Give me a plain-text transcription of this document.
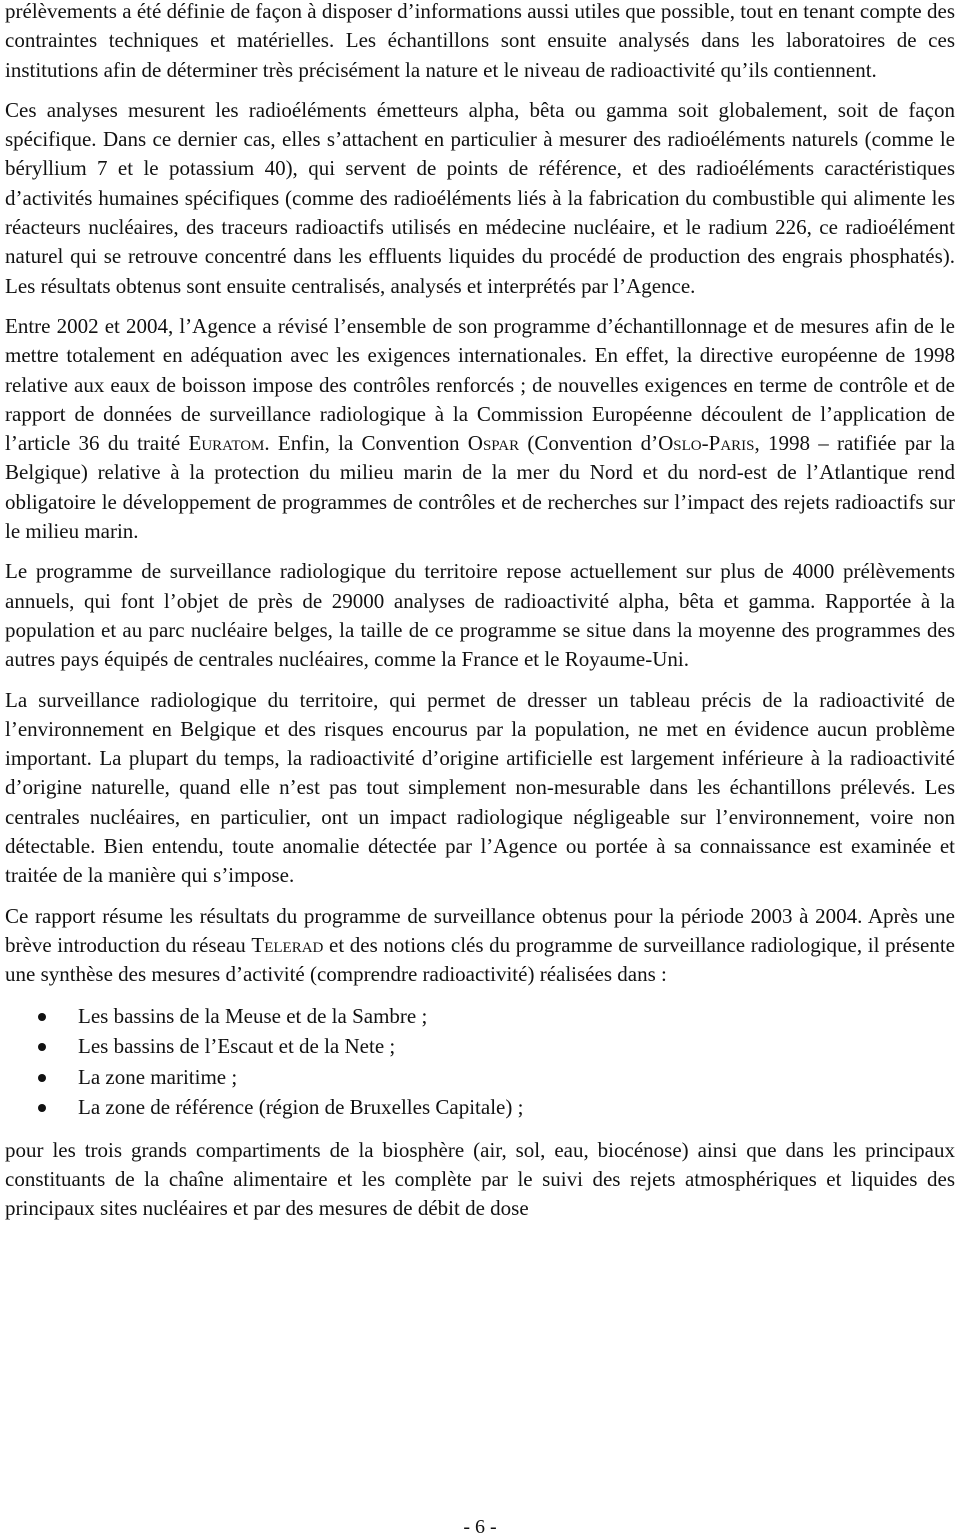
prélèvements a été définie de façon à disposer d’informations aussi utiles que possible, tout en tenant compte des contraintes techniques et matérielles. Les échantillons sont ensuite analysés dans les laboratoires de ces institutions afin de déterminer très précisément la nature et le niveau de radioactivité qu’ils contiennent.

Ces analyses mesurent les radioéléments émetteurs alpha, bêta ou gamma soit globalement, soit de façon spécifique. Dans ce dernier cas, elles s’attachent en particulier à mesurer des radioéléments naturels (comme le béryllium 7 et le potassium 40), qui servent de points de référence, et des radioéléments caractéristiques d’activités humaines spécifiques (comme des radioéléments liés à la fabrication du combustible qui alimente les réacteurs nucléaires, des traceurs radioactifs utilisés en médecine nucléaire, et le radium 226, ce radioélément naturel qui se retrouve concentré dans les effluents liquides du procédé de production des engrais phosphatés). Les résultats obtenus sont ensuite centralisés, analysés et interprétés par l’Agence.

Entre 2002 et 2004, l’Agence a révisé l’ensemble de son programme d’échantillonnage et de mesures afin de le mettre totalement en adéquation avec les exigences internationales. En effet, la directive européenne de 1998 relative aux eaux de boisson impose des contrôles renforcés ; de nouvelles exigences en terme de contrôle et de rapport de données de surveillance radiologique à la Commission Européenne découlent de l’application de l’article 36 du traité Euratom. Enfin, la Convention Ospar (Convention d’Oslo-Paris, 1998 – ratifiée par la Belgique) relative à la protection du milieu marin de la mer du Nord et du nord-est de l’Atlantique rend obligatoire le développement de programmes de contrôles et de recherches sur l’impact des rejets radioactifs sur le milieu marin.

Le programme de surveillance radiologique du territoire repose actuellement sur plus de 4000 prélèvements annuels, qui font l’objet de près de 29000 analyses de radioactivité alpha, bêta et gamma. Rapportée à la population et au parc nucléaire belges, la taille de ce programme se situe dans la moyenne des programmes des autres pays équipés de centrales nucléaires, comme la France et le Royaume-Uni.

La surveillance radiologique du territoire, qui permet de dresser un tableau précis de la radioactivité de l’environnement en Belgique et des risques encourus par la population, ne met en évidence aucun problème important. La plupart du temps, la radioactivité d’origine artificielle est largement inférieure à la radioactivité d’origine naturelle, quand elle n’est pas tout simplement non-mesurable dans les échantillons prélevés. Les centrales nucléaires, en particulier, ont un impact radiologique négligeable sur l’environnement, voire non détectable. Bien entendu, toute anomalie détectée par l’Agence ou portée à sa connaissance est examinée et traitée de la manière qui s’impose.

Ce rapport résume les résultats du programme de surveillance obtenus pour la période 2003 à 2004. Après une brève introduction du réseau Telerad et des notions clés du programme de surveillance radiologique, il présente une synthèse des mesures d’activité (comprendre radioactivité) réalisées dans :

Les bassins de la Meuse et de la Sambre ;
Les bassins de l’Escaut et de la Nete ;
La zone maritime ;
La zone de référence (région de Bruxelles Capitale) ;

pour les trois grands compartiments de la biosphère (air, sol, eau, biocénose) ainsi que dans les principaux constituants de la chaîne alimentaire et les complète par le suivi des rejets atmosphériques et liquides des principaux sites nucléaires et par des mesures de débit de dose

- 6 -
